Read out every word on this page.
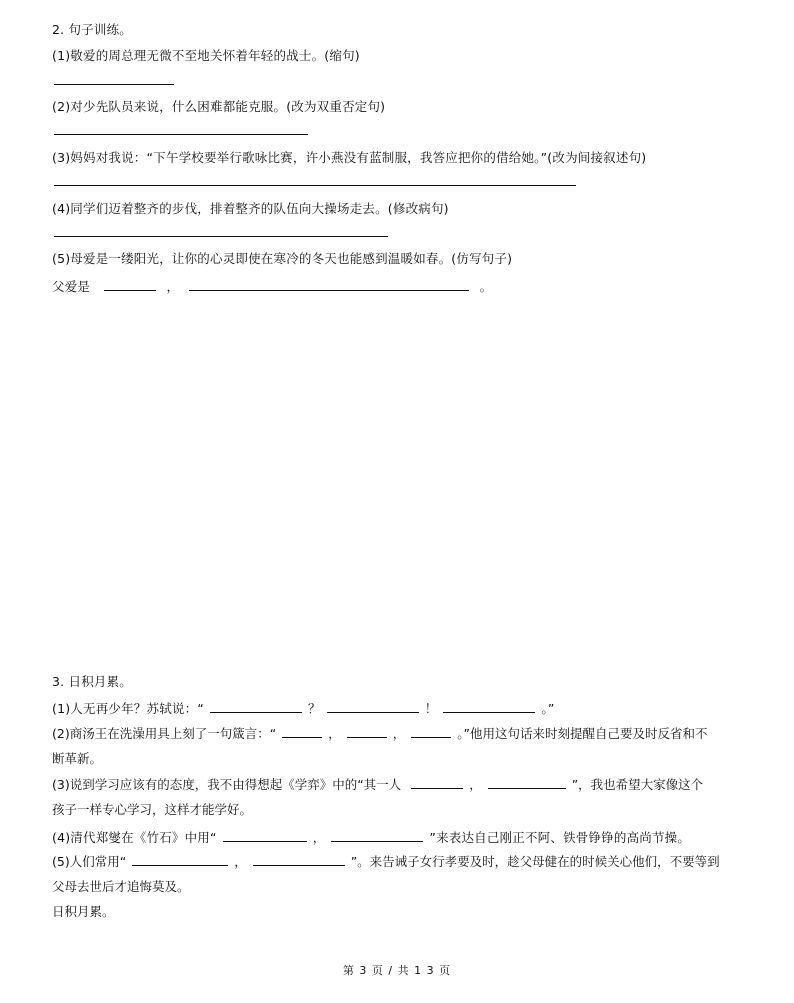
2. 句子训练。
(1)敬爱的周总理无微不至地关怀着年轻的战士。(缩句)
(2)对少先队员来说，什么困难都能克服。(改为双重否定句)
(3)妈妈对我说：“下午学校要举行歌咏比赛，许小燕没有蓝制服，我答应把你的借给她。”(改为间接叙述句)
(4)同学们迈着整齐的步伐，排着整齐的队伍向大操场走去。(修改病句)
(5)母爱是一缕阳光，让你的心灵即使在寒冷的冬天也能感到温暖如春。(仿写句子)
父爱是	，	。
3. 日积月累。
(1)人无再少年？苏轼说：“	？	！	。”
(2)商汤王在洗澡用具上刻了一句箴言：“	，	，	。”他用这句话来时刻提醒自己要及时反省和不
断革新。
(3)说到学习应该有的态度，我不由得想起《学弈》中的“其一人	，	”，我也希望大家像这个
孩子一样专心学习，这样才能学好。
(4)清代郑燮在《竹石》中用“	，	”来表达自己刚正不阿、铁骨铮铮的高尚节操。
(5)人们常用“	，	”。来告诫子女行孝要及时，趁父母健在的时候关心他们，不要等到
父母去世后才追悔莫及。
日积月累。
第 3 页 / 共 1 3 页
